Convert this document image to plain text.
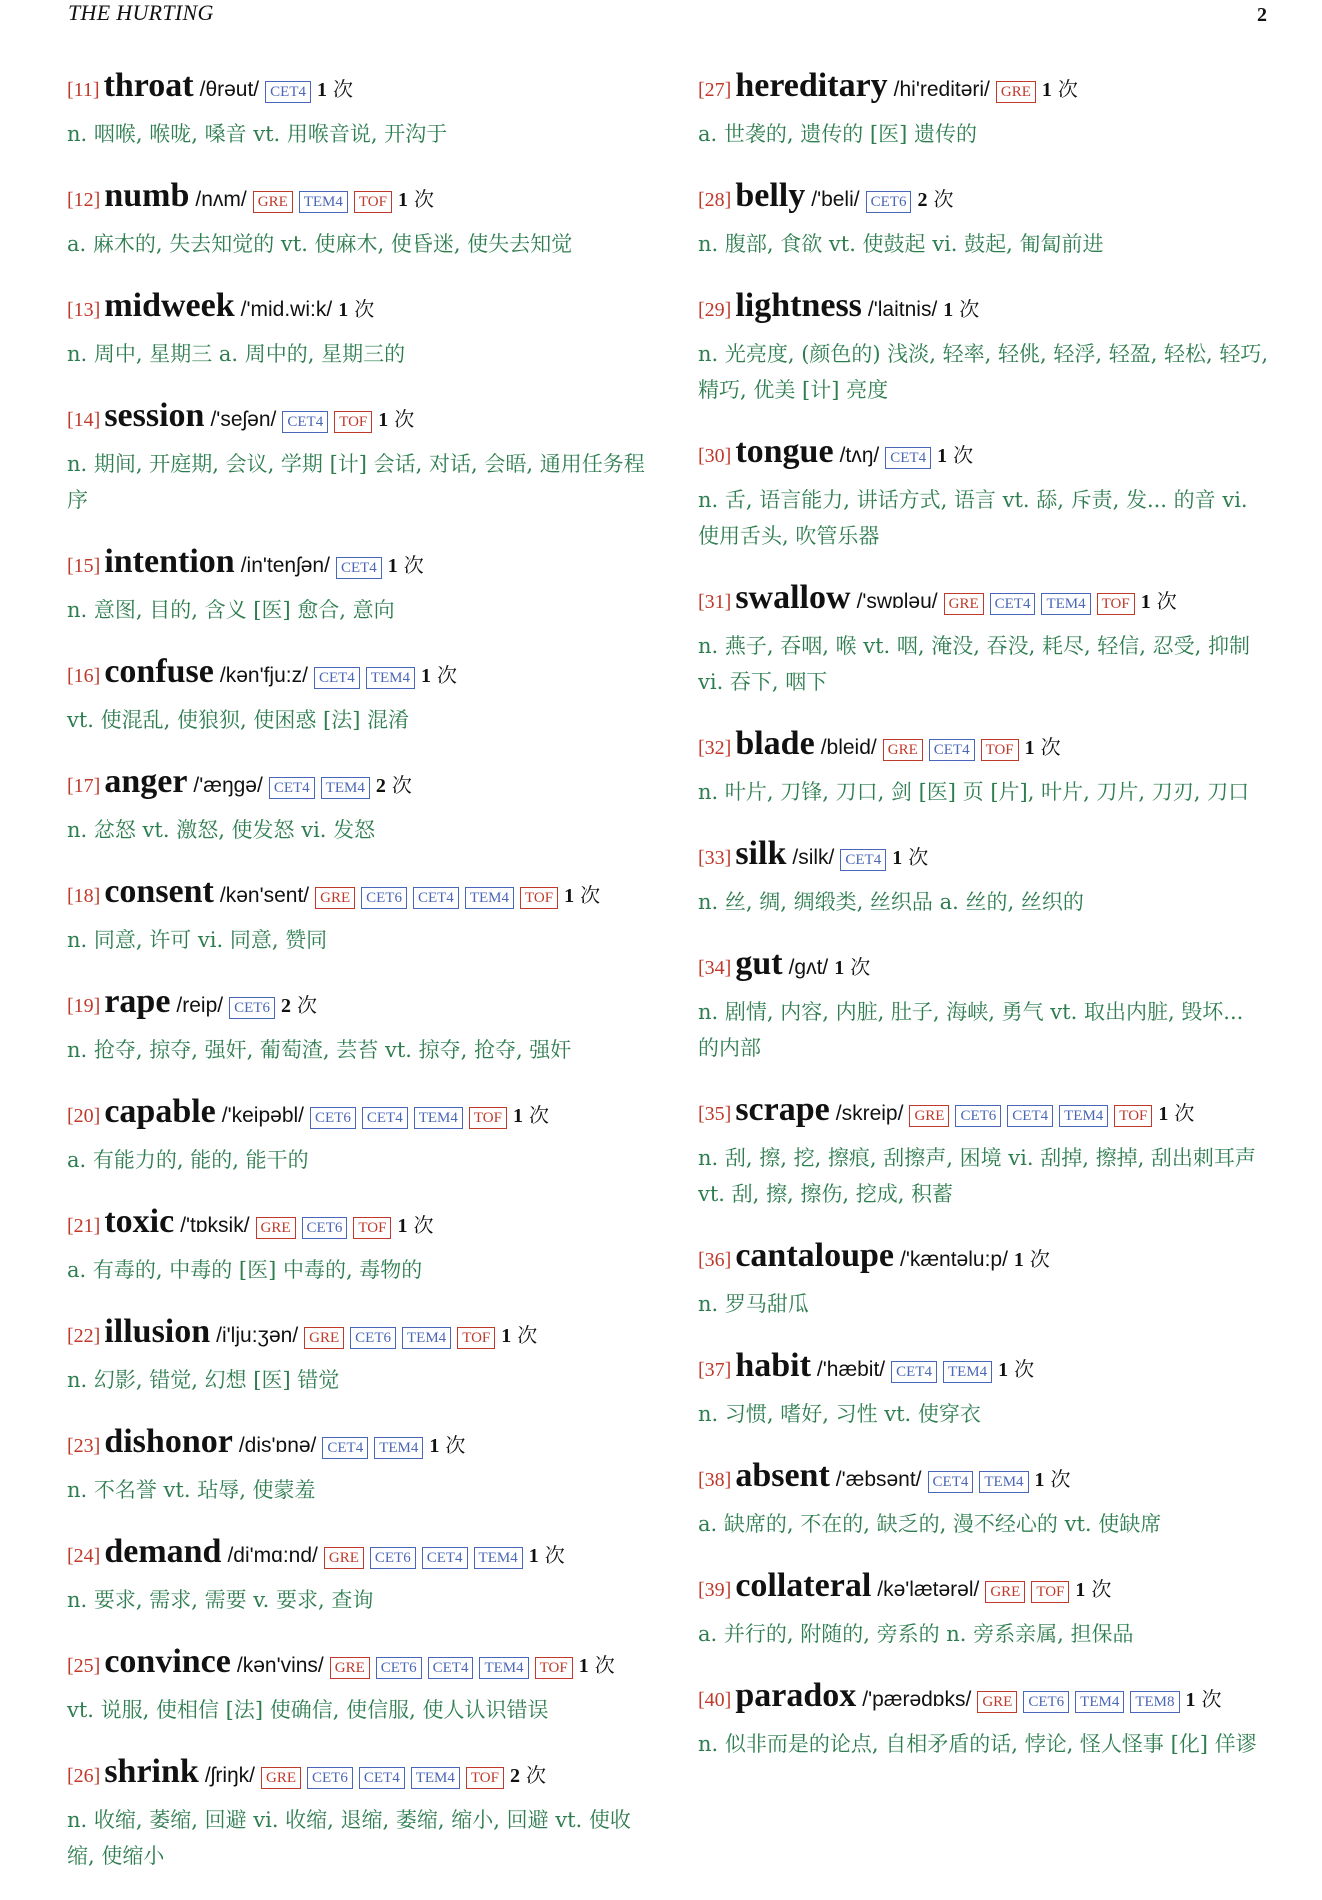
THE HURTING	2
[11] throat /θrəut/ CET4 1 次
n. 咽喉, 喉咙, 嗓音 vt. 用喉音说, 开沟于
[12] numb /nʌm/ GRE TEM4 TOF 1 次
a. 麻木的, 失去知觉的 vt. 使麻木, 使昏迷, 使失去知觉
[13] midweek /'mid.wi:k/ 1 次
n. 周中, 星期三 a. 周中的, 星期三的
[14] session /'seʃən/ CET4 TOF 1 次
n. 期间, 开庭期, 会议, 学期 [计] 会话, 对话, 会晤, 通用任务程序
[15] intention /in'tenʃən/ CET4 1 次
n. 意图, 目的, 含义 [医] 愈合, 意向
[16] confuse /kən'fju:z/ CET4 TEM4 1 次
vt. 使混乱, 使狼狈, 使困惑 [法] 混淆
[17] anger /'æŋgə/ CET4 TEM4 2 次
n. 忿怒 vt. 激怒, 使发怒 vi. 发怒
[18] consent /kən'sent/ GRE CET6 CET4 TEM4 TOF 1 次
n. 同意, 许可 vi. 同意, 赞同
[19] rape /reip/ CET6 2 次
n. 抢夺, 掠夺, 强奸, 葡萄渣, 芸苔 vt. 掠夺, 抢夺, 强奸
[20] capable /'keipəbl/ CET6 CET4 TEM4 TOF 1 次
a. 有能力的, 能的, 能干的
[21] toxic /'tɒksik/ GRE CET6 TOF 1 次
a. 有毒的, 中毒的 [医] 中毒的, 毒物的
[22] illusion /i'lju:ʒən/ GRE CET6 TEM4 TOF 1 次
n. 幻影, 错觉, 幻想 [医] 错觉
[23] dishonor /dis'ɒnə/ CET4 TEM4 1 次
n. 不名誉 vt. 玷辱, 使蒙羞
[24] demand /di'mɑ:nd/ GRE CET6 CET4 TEM4 1 次
n. 要求, 需求, 需要 v. 要求, 查询
[25] convince /kən'vins/ GRE CET6 CET4 TEM4 TOF 1 次
vt. 说服, 使相信 [法] 使确信, 使信服, 使人认识错误
[26] shrink /ʃriŋk/ GRE CET6 CET4 TEM4 TOF 2 次
n. 收缩, 萎缩, 回避 vi. 收缩, 退缩, 萎缩, 缩小, 回避 vt. 使收缩, 使缩小
[27] hereditary /hi'reditəri/ GRE 1 次
a. 世袭的, 遗传的 [医] 遗传的
[28] belly /'beli/ CET6 2 次
n. 腹部, 食欲 vt. 使鼓起 vi. 鼓起, 匍匐前进
[29] lightness /'laitnis/ 1 次
n. 光亮度, (颜色的) 浅淡, 轻率, 轻佻, 轻浮, 轻盈, 轻松, 轻巧, 精巧, 优美 [计] 亮度
[30] tongue /tʌŋ/ CET4 1 次
n. 舌, 语言能力, 讲话方式, 语言 vt. 舔, 斥责, 发... 的音 vi. 使用舌头, 吹管乐器
[31] swallow /'swɒləu/ GRE CET4 TEM4 TOF 1 次
n. 燕子, 吞咽, 喉 vt. 咽, 淹没, 吞没, 耗尽, 轻信, 忍受, 抑制 vi. 吞下, 咽下
[32] blade /bleid/ GRE CET4 TOF 1 次
n. 叶片, 刀锋, 刀口, 剑 [医] 页 [片], 叶片, 刀片, 刀刃, 刀口
[33] silk /silk/ CET4 1 次
n. 丝, 绸, 绸缎类, 丝织品 a. 丝的, 丝织的
[34] gut /gʌt/ 1 次
n. 剧情, 内容, 内脏, 肚子, 海峡, 勇气 vt. 取出内脏, 毁坏... 的内部
[35] scrape /skreip/ GRE CET6 CET4 TEM4 TOF 1 次
n. 刮, 擦, 挖, 擦痕, 刮擦声, 困境 vi. 刮掉, 擦掉, 刮出刺耳声 vt. 刮, 擦, 擦伤, 挖成, 积蓄
[36] cantaloupe /'kæntəlu:p/ 1 次
n. 罗马甜瓜
[37] habit /'hæbit/ CET4 TEM4 1 次
n. 习惯, 嗜好, 习性 vt. 使穿衣
[38] absent /'æbsənt/ CET4 TEM4 1 次
a. 缺席的, 不在的, 缺乏的, 漫不经心的 vt. 使缺席
[39] collateral /kə'lætərəl/ GRE TOF 1 次
a. 并行的, 附随的, 旁系的 n. 旁系亲属, 担保品
[40] paradox /'pærədɒks/ GRE CET6 TEM4 TEM8 1 次
n. 似非而是的论点, 自相矛盾的话, 悖论, 怪人怪事 [化] 佯谬
